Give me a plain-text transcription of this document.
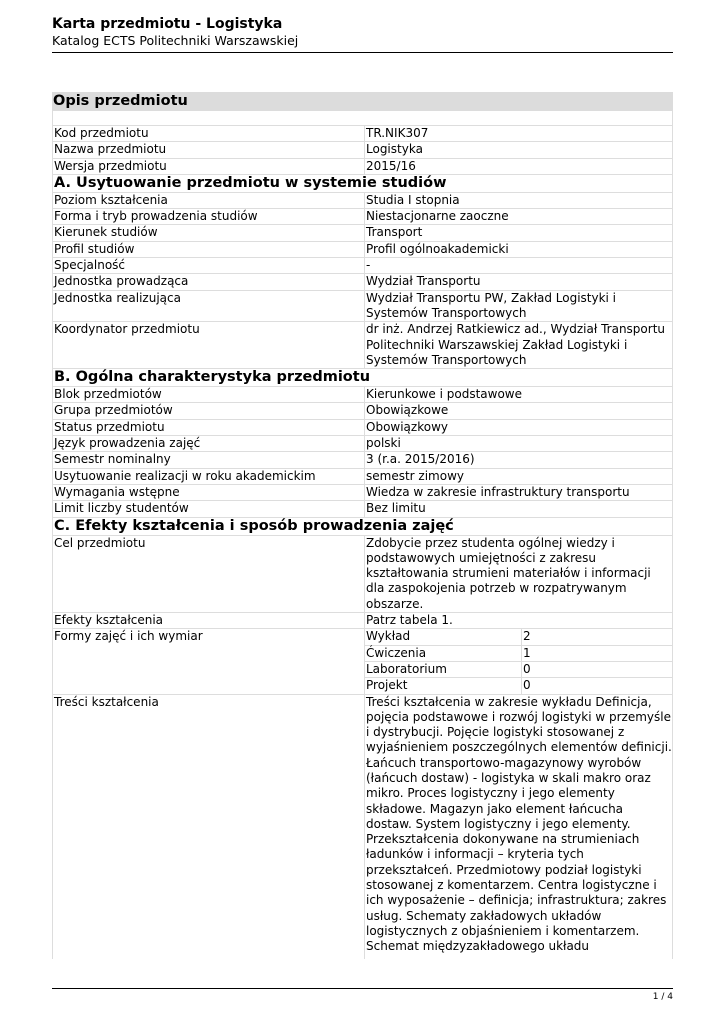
Karta przedmiotu - Logistyka
Katalog ECTS Politechniki Warszawskiej
Opis przedmiotu
Kod przedmiotu	TR.NIK307
Nazwa przedmiotu	Logistyka
Wersja przedmiotu	2015/16
A. Usytuowanie przedmiotu w systemie studiów
Poziom kształcenia	Studia I stopnia
Forma i tryb prowadzenia studiów	Niestacjonarne zaoczne
Kierunek studiów	Transport
Profil studiów	Profil ogólnoakademicki
Specjalność	-
Jednostka prowadząca	Wydział Transportu
Jednostka realizująca	Wydział Transportu PW, Zakład Logistyki i Systemów Transportowych
Koordynator przedmiotu	dr inż. Andrzej Ratkiewicz ad., Wydział Transportu Politechniki Warszawskiej Zakład Logistyki i Systemów Transportowych
B. Ogólna charakterystyka przedmiotu
Blok przedmiotów	Kierunkowe i podstawowe
Grupa przedmiotów	Obowiązkowe
Status przedmiotu	Obowiązkowy
Język prowadzenia zajęć	polski
Semestr nominalny	3 (r.a. 2015/2016)
Usytuowanie realizacji w roku akademickim	semestr zimowy
Wymagania wstępne	Wiedza w zakresie infrastruktury transportu
Limit liczby studentów	Bez limitu
C. Efekty kształcenia i sposób prowadzenia zajęć
Cel przedmiotu	Zdobycie przez studenta ogólnej wiedzy i podstawowych umiejętności z zakresu kształtowania strumieni materiałów i informacji dla zaspokojenia potrzeb w rozpatrywanym obszarze.
Efekty kształcenia	Patrz tabela 1.
Formy zajęć i ich wymiar	Wykład	2
Ćwiczenia	1
Laboratorium	0
Projekt	0
Treści kształcenia	Treści kształcenia w zakresie wykładu Definicja, pojęcia podstawowe i rozwój logistyki w przemyśle i dystrybucji. Pojęcie logistyki stosowanej z wyjaśnieniem poszczególnych elementów definicji. Łańcuch transportowo-magazynowy wyrobów (łańcuch dostaw) - logistyka w skali makro oraz mikro. Proces logistyczny i jego elementy składowe. Magazyn jako element łańcucha dostaw. System logistyczny i jego elementy. Przekształcenia dokonywane na strumieniach ładunków i informacji – kryteria tych przekształceń. Przedmiotowy podział logistyki stosowanej z komentarzem. Centra logistyczne i ich wyposażenie – definicja; infrastruktura; zakres usług. Schematy zakładowych układów logistycznych z objaśnieniem i komentarzem. Schemat międzyzakładowego układu
1 / 4
